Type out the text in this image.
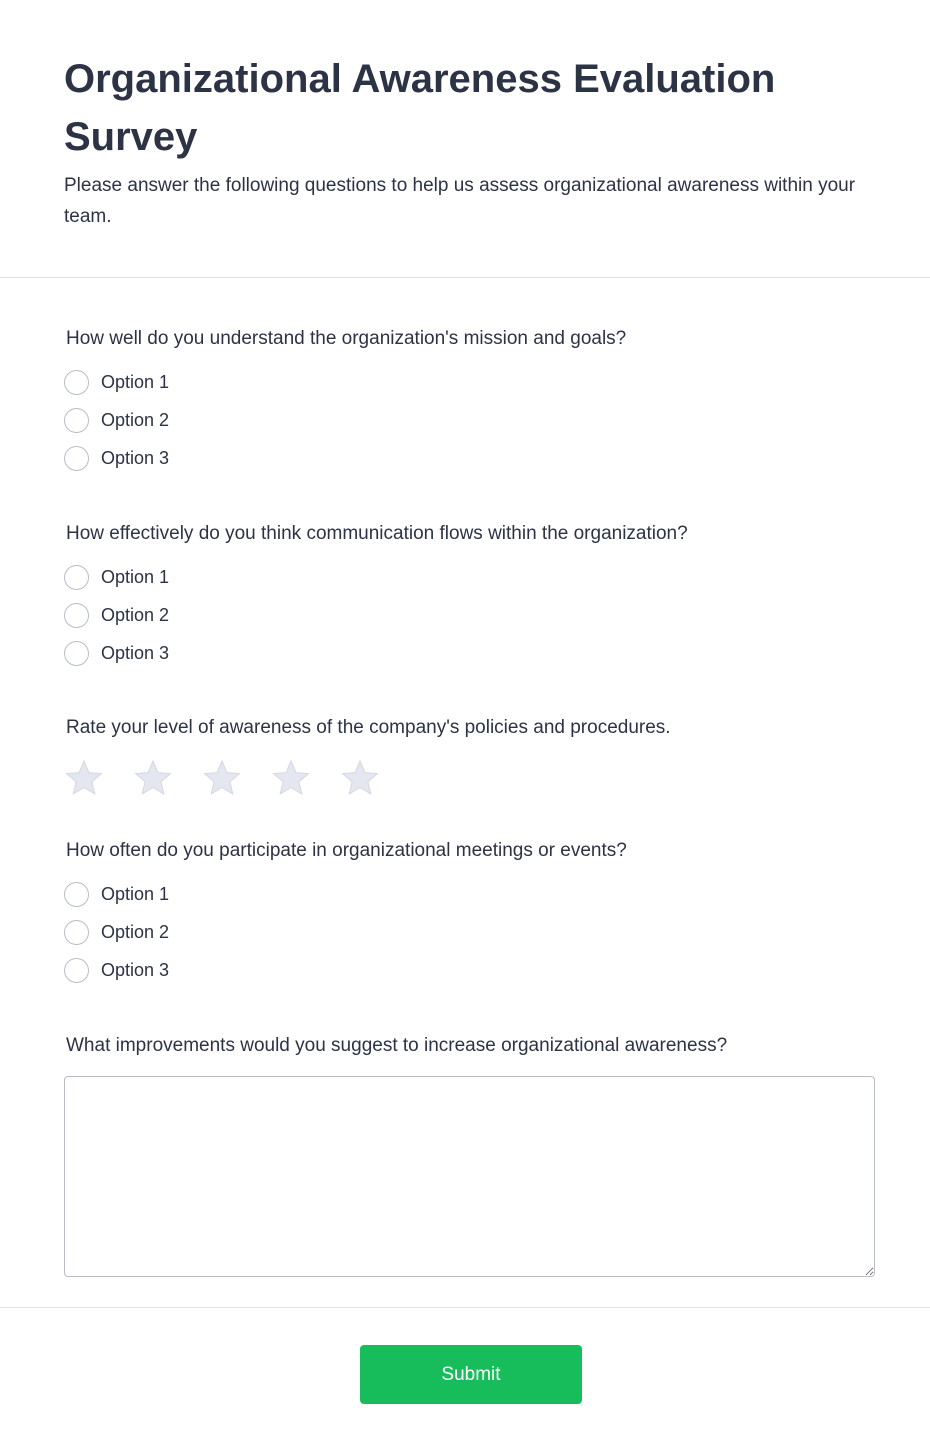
Organizational Awareness Evaluation Survey

Please answer the following questions to help us assess organizational awareness within your team.

How well do you understand the organization's mission and goals?
Option 1
Option 2
Option 3
How effectively do you think communication flows within the organization?
Option 1
Option 2
Option 3
Rate your level of awareness of the company's policies and procedures.
How often do you participate in organizational meetings or events?
Option 1
Option 2
Option 3
What improvements would you suggest to increase organizational awareness?
Submit
